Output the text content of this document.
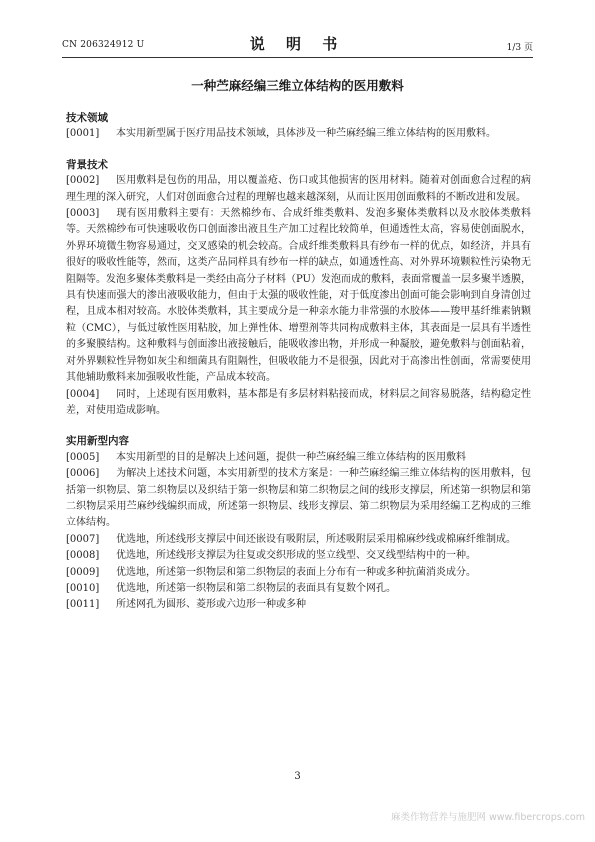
CN 206324912 U	说 明 书	1/3 页
一种苎麻经编三维立体结构的医用敷料

技术领域

[0001] 本实用新型属于医疗用品技术领域，具体涉及一种苎麻经编三维立体结构的医用敷料。

背景技术

[0002] 医用敷料是包伤的用品，用以覆盖疮、伤口或其他损害的医用材料。随着对创面愈合过程的病理生理的深入研究，人们对创面愈合过程的理解也越来越深刻，从而让医用创面敷料的不断改进和发展。

[0003] 现有医用敷料主要有：天然棉纱布、合成纤维类敷料、发泡多聚体类敷料以及水胶体类敷料等。天然棉纱布可快速吸收伤口创面渗出液且生产加工过程比较简单，但通透性太高，容易使创面脱水，外界环境微生物容易通过，交叉感染的机会较高。合成纤维类敷料具有纱布一样的优点，如经济，并具有很好的吸收性能等，然而，这类产品同样具有纱布一样的缺点，如通透性高、对外界环境颗粒性污染物无阻隔等。发泡多聚体类敷料是一类经由高分子材料（PU）发泡而成的敷料，表面常覆盖一层多聚半透膜，具有快速而强大的渗出液吸收能力，但由于太强的吸收性能，对于低度渗出创面可能会影响到自身清创过程，且成本相对较高。水胶体类敷料，其主要成分是一种亲水能力非常强的水胶体——羧甲基纤维素钠颗粒（CMC），与低过敏性医用粘胶，加上弹性体、增塑剂等共同构成敷料主体，其表面是一层具有半透性的多聚膜结构。这种敷料与创面渗出液接触后，能吸收渗出物，并形成一种凝胶，避免敷料与创面粘着，对外界颗粒性异物如灰尘和细菌具有阻隔性，但吸收能力不是很强，因此对于高渗出性创面，常需要使用其他辅助敷料来加强吸收性能，产品成本较高。

[0004] 同时，上述现有医用敷料，基本都是有多层材料粘接而成，材料层之间容易脱落，结构稳定性差，对使用造成影响。

实用新型内容

[0005] 本实用新型的目的是解决上述问题，提供一种苎麻经编三维立体结构的医用敷料

[0006] 为解决上述技术问题，本实用新型的技术方案是：一种苎麻经编三维立体结构的医用敷料，包括第一织物层、第二织物层以及织结于第一织物层和第二织物层之间的线形支撑层，所述第一织物层和第二织物层采用苎麻纱线编织而成，所述第一织物层、线形支撑层、第二织物层为采用经编工艺构成的三维立体结构。

[0007] 优选地，所述线形支撑层中间还嵌设有吸附层，所述吸附层采用棉麻纱线或棉麻纤维制成。

[0008] 优选地，所述线形支撑层为往复或交织形成的竖立线型、交叉线型结构中的一种。

[0009] 优选地，所述第一织物层和第二织物层的表面上分布有一种或多种抗菌消炎成分。

[0010] 优选地，所述第一织物层和第二织物层的表面具有复数个网孔。

[0011] 所述网孔为圆形、菱形或六边形一种或多种

3
麻类作物营养与施肥网 www.fibercrops.com
